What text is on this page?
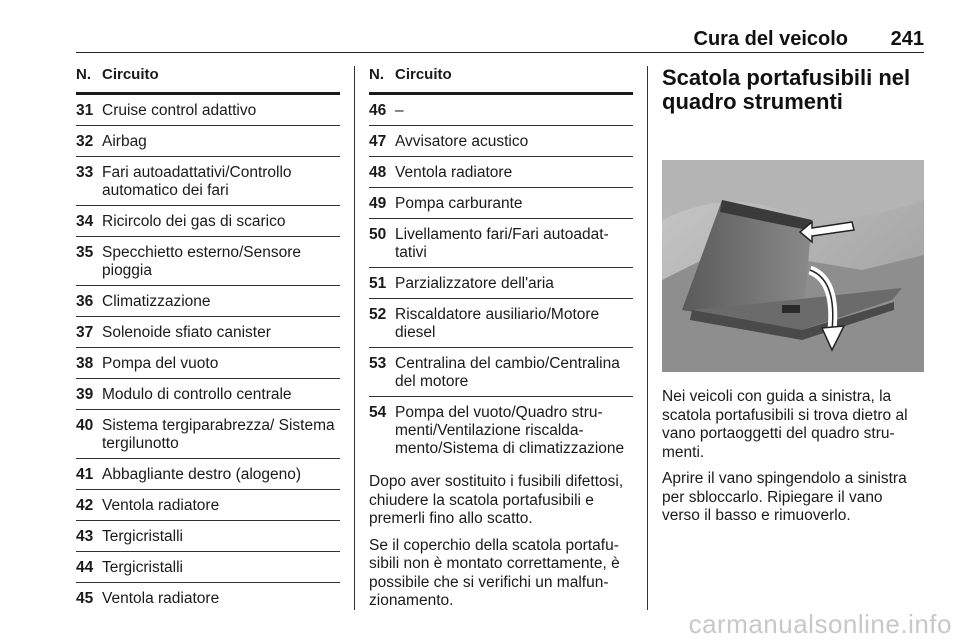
Cura del veicolo 241
N. Circuito
31 Cruise control adattivo
32 Airbag
33 Fari autoadattativi/Controllo automatico dei fari
34 Ricircolo dei gas di scarico
35 Specchietto esterno/Sensore pioggia
36 Climatizzazione
37 Solenoide sfiato canister
38 Pompa del vuoto
39 Modulo di controllo centrale
40 Sistema tergiparabrezza/ Sistema tergilunotto
41 Abbagliante destro (alogeno)
42 Ventola radiatore
43 Tergicristalli
44 Tergicristalli
45 Ventola radiatore
N. Circuito
46 –
47 Avvisatore acustico
48 Ventola radiatore
49 Pompa carburante
50 Livellamento fari/Fari autoadattativi
51 Parzializzatore dell'aria
52 Riscaldatore ausiliario/Motore diesel
53 Centralina del cambio/Centralina del motore
54 Pompa del vuoto/Quadro strumenti/Ventilazione riscaldamento/Sistema di climatizzazione

Dopo aver sostituito i fusibili difettosi, chiudere la scatola portafusibili e premerli fino allo scatto.

Se il coperchio della scatola portafusibili non è montato correttamente, è possibile che si verifichi un malfunzionamento.

Scatola portafusibili nel quadro strumenti

Nei veicoli con guida a sinistra, la scatola portafusibili si trova dietro al vano portaoggetti del quadro strumenti.

Aprire il vano spingendolo a sinistra per sbloccarlo. Ripiegare il vano verso il basso e rimuoverlo.

carmanualsonline.info
